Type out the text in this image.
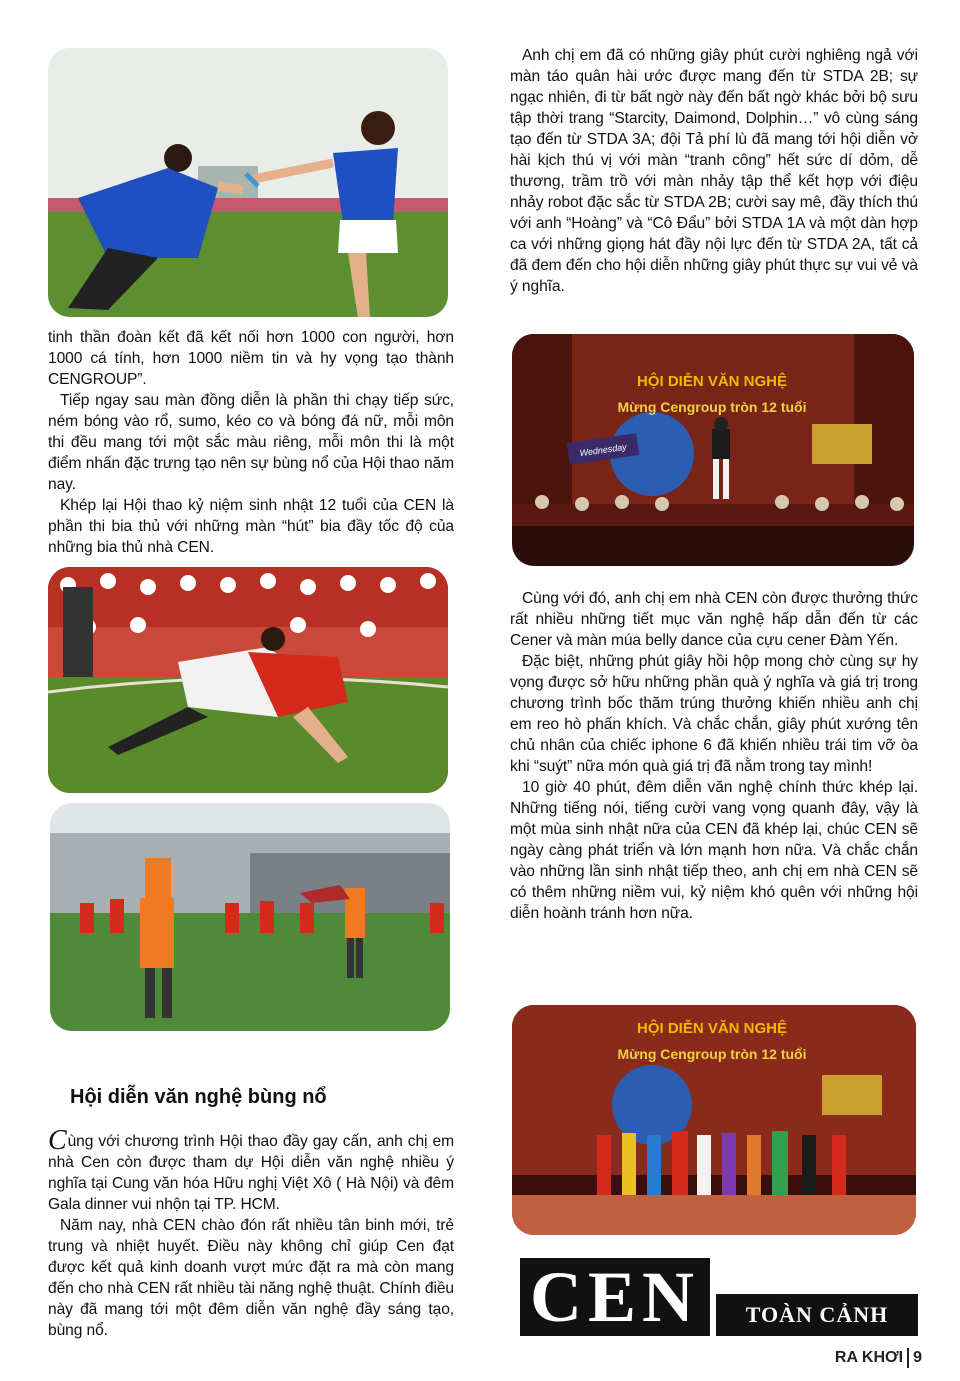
tinh thần đoàn kết đã kết nối hơn 1000 con người, hơn 1000 cá tính, hơn 1000 niềm tin và hy vọng tạo thành CENGROUP”.

Tiếp ngay sau màn đồng diễn là phần thi chạy tiếp sức, ném bóng vào rổ, sumo, kéo co và bóng đá nữ, mỗi môn thi đều mang tới một sắc màu riêng, mỗi môn thi là một điểm nhấn đặc trưng tạo nên sự bùng nổ của Hội thao năm nay.

Khép lại Hội thao kỷ niệm sinh nhật 12 tuổi của CEN là phần thi bia thủ với những màn “hút” bia đầy tốc độ của những bia thủ nhà CEN.

Hội diễn văn nghệ bùng nổ

Cùng với chương trình Hội thao đầy gay cấn, anh chị em nhà Cen còn được tham dự Hội diễn văn nghệ nhiều ý nghĩa tại Cung văn hóa Hữu nghị Việt Xô ( Hà Nội) và đêm Gala dinner vui nhộn tại TP. HCM.

Năm nay, nhà CEN chào đón rất nhiều tân binh mới, trẻ trung và nhiệt huyết. Điều này không chỉ giúp Cen đạt được kết quả kinh doanh vượt mức đặt ra mà còn mang đến cho nhà CEN rất nhiều tài năng nghệ thuật. Chính điều này đã mang tới một đêm diễn văn nghệ đầy sáng tạo, bùng nổ.

Anh chị em đã có những giây phút cười nghiêng ngả với màn táo quân hài ước được mang đến từ STDA 2B; sự ngạc nhiên, đi từ bất ngờ này đến bất ngờ khác bởi bộ sưu tập thời trang “Starcity, Daimond, Dolphin…” vô cùng sáng tạo đến từ STDA 3A; đội Tả phí lù đã mang tới hội diễn vở hài kịch thú vị với màn “tranh công” hết sức dí dỏm, dễ thương, trầm trồ với màn nhảy tập thể kết hợp với điệu nhảy robot đặc sắc từ STDA 2B; cười say mê, đầy thích thú với anh “Hoàng” và “Cô Đẩu” bởi STDA 1A và một dàn hợp ca với những giọng hát đầy nội lực đến từ STDA 2A, tất cả đã đem đến cho hội diễn những giây phút thực sự vui vẻ và ý nghĩa.

Wednesday
HỘI DIỄN VĂN NGHỆ
Mừng Cengroup tròn 12 tuổi

Cùng với đó, anh chị em nhà CEN còn được thưởng thức rất nhiều những tiết mục văn nghệ hấp dẫn đến từ các Cener và màn múa belly dance của cựu cener Đàm Yến.

Đặc biệt, những phút giây hồi hộp mong chờ cùng sự hy vọng được sở hữu những phần quà ý nghĩa và giá trị trong chương trình bốc thăm trúng thưởng khiến nhiều anh chị em reo hò phấn khích. Và chắc chắn, giây phút xướng tên chủ nhân của chiếc iphone 6 đã khiến nhiều trái tim vỡ òa khi “suýt” nữa món quà giá trị đã nằm trong tay mình!

10 giờ 40 phút, đêm diễn văn nghệ chính thức khép lại. Những tiếng nói, tiếng cười vang vọng quanh đây, vậy là một mùa sinh nhật nữa của CEN đã khép lại, chúc CEN sẽ ngày càng phát triển và lớn mạnh hơn nữa. Và chắc chắn vào những lần sinh nhật tiếp theo, anh chị em nhà CEN sẽ có thêm những niềm vui, kỷ niệm khó quên với những hội diễn hoành tránh hơn nữa.

HỘI DIỄN VĂN NGHỆ
Mừng Cengroup tròn 12 tuổi
CEN	TOÀN CẢNH
RA KHƠI 9
